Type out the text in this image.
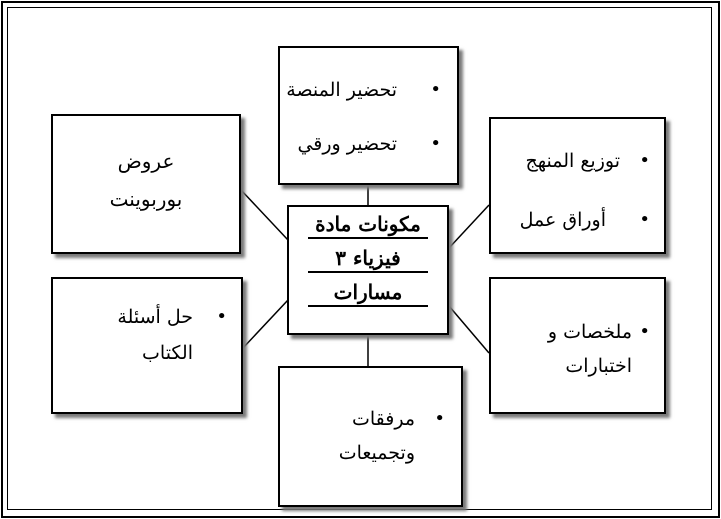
مكونات مادة
فيزياء ٣
مسارات
•
تحضير المنصة
•
تحضير ورقي
•
توزيع المنهج
•
أوراق عمل
•
ملخصات و اختبارات
•
مرفقات وتجميعات
•
حل أسئلة الكتاب
عروض
بوربوينت
